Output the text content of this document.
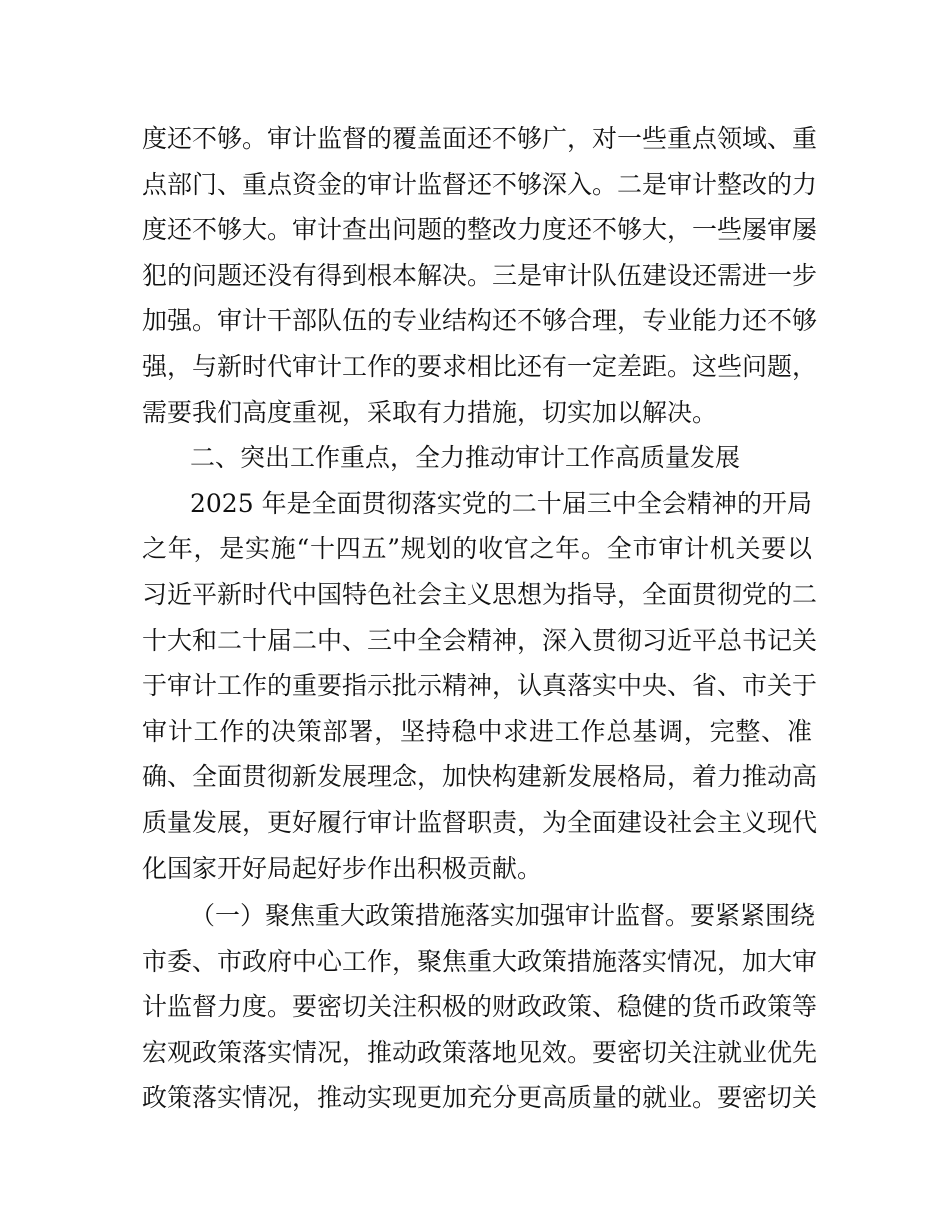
度还不够。审计监督的覆盖面还不够广，对一些重点领域、重
点部门、重点资金的审计监督还不够深入。二是审计整改的力
度还不够大。审计查出问题的整改力度还不够大，一些屡审屡
犯的问题还没有得到根本解决。三是审计队伍建设还需进一步
加强。审计干部队伍的专业结构还不够合理，专业能力还不够
强，与新时代审计工作的要求相比还有一定差距。这些问题，
需要我们高度重视，采取有力措施，切实加以解决。
二、突出工作重点，全力推动审计工作高质量发展
2025 年是全面贯彻落实党的二十届三中全会精神的开局
之年，是实施“十四五”规划的收官之年。全市审计机关要以
习近平新时代中国特色社会主义思想为指导，全面贯彻党的二
十大和二十届二中、三中全会精神，深入贯彻习近平总书记关
于审计工作的重要指示批示精神，认真落实中央、省、市关于
审计工作的决策部署，坚持稳中求进工作总基调，完整、准
确、全面贯彻新发展理念，加快构建新发展格局，着力推动高
质量发展，更好履行审计监督职责，为全面建设社会主义现代
化国家开好局起好步作出积极贡献。
（一）聚焦重大政策措施落实加强审计监督。要紧紧围绕
市委、市政府中心工作，聚焦重大政策措施落实情况，加大审
计监督力度。要密切关注积极的财政政策、稳健的货币政策等
宏观政策落实情况，推动政策落地见效。要密切关注就业优先
政策落实情况，推动实现更加充分更高质量的就业。要密切关
